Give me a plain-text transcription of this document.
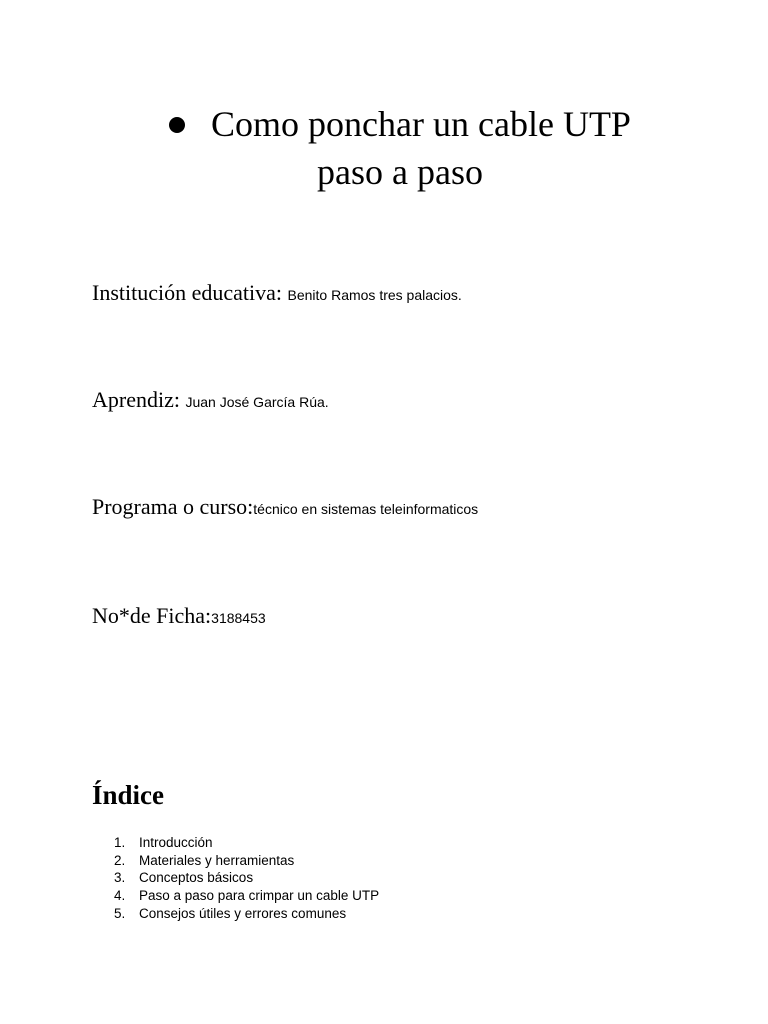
Como ponchar un cable UTP
paso a paso
Institución educativa: Benito Ramos tres palacios.
Aprendiz: Juan José García Rúa.
Programa o curso:técnico en sistemas teleinformaticos
No*de Ficha:3188453
Índice
1. Introducción
2. Materiales y herramientas
3. Conceptos básicos
4. Paso a paso para crimpar un cable UTP
5. Consejos útiles y errores comunes
